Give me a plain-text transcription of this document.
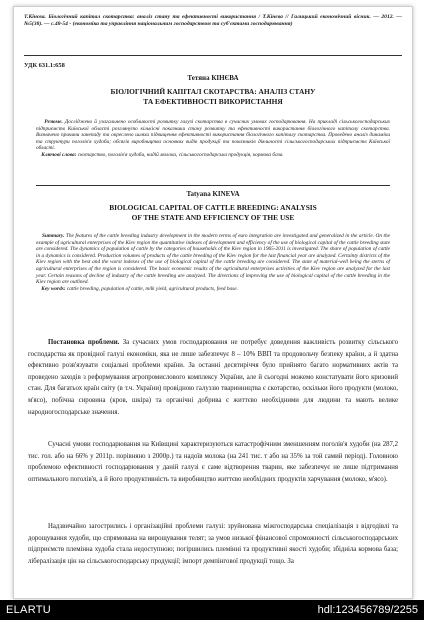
Т.Кінєва. Біологічний капітал скотарства: аналіз стану та ефективності використання / Т.Кінєва // Галицький економічний вісник. — 2012. — №5(38). — с.48-54 - (економіка та управління національним господарством та суб'єктами господарювання)
УДК 631.1:658
Тетяна КІНЄВА
БІОЛОГІЧНИЙ КАПІТАЛ СКОТАРСТВА: АНАЛІЗ СТАНУ
ТА ЕФЕКТИВНОСТІ ВИКОРИСТАННЯ
Резюме. Досліджено й узагальнено особливості розвитку галузі скотарства в сучасних умовах господарювання. На прикладі сільськогосподарських підприємств Київської області розглянуто кількісні показники стану розвитку та ефективності використання біологічного капіталу скотарства. Визначено причини занепаду та окреслено шляхи підвищення ефективності використання біологічного капіталу скотарства. Проведено аналіз динаміки та структури поголів'я худоби; обсягів виробництва основних видів продукції та показників діяльності сільськогосподарських підприємств Київської області.
Ключові слова: скотарство, поголів'я худоби, надій молока, сільськогосподарська продукція, кормова база.
Tatyana KINEVA
BIOLOGICAL CAPITAL OF CATTLE BREEDING: ANALYSIS
OF THE STATE AND EFFICIENCY OF THE USE
Summary. The features of the cattle breeding industry development in the modern terms of euro integration are investigated and generalized in the article. On the example of agricultural enterprises of the Kiev region the quantitative indexes of development and efficiency of the use of biological capital of the cattle breeding state are considered. The dynamics of population of cattle by the categories of households of the Kiev region in 1965-2011 is investigated. The share of population of cattle in a dynamics is considered. Production volumes of products of the cattle breeding of the Kiev region for the last financial year are analyzed. Certainty districts of the Kiev region with the best and the worst indexes of the use of biological capital of the cattle breeding are considered. The state of material-well being the sterns of agricultural enterprises of the region is considered. The basic economic results of the agricultural enterprises activities of the Kiev region are analyzed for the last year. Certain reasons of decline of industry of the cattle breeding are analyzed. The directions of improving the use of biological capital of the cattle breeding in the Kiev region are outlined.
Key words: cattle breeding, population of cattle, milk yield, agricultural products, feed base.

Постановка проблеми. За сучасних умов господарювання не потребує доведення важливість розвитку сільського господарства як провідної галузі економіки, яка не лише забезпечує 8 – 10% ВВП та продовольчу безпеку країни, а й здатна ефективно розв'язувати соціальні проблеми країни. За останні десятиріччя було прийнято багато нормативних актів та проведено заходів з реформування агропромислового комплексу України, але й сьогодні можемо констатувати його кризовий стан. Для багатьох країн світу (в т.ч. України) провідною галуззю тваринництва є скотарство, оскільки його продукти (молоко, м'ясо), побічна сировина (кров, шкіра) та органічні добрива є життєво необхідними для людини та мають велике народногосподарське значення.

Сучасні умови господарювання на Київщині характеризуються катастрофічним зменшенням поголів'я худоби (на 287,2 тис. гол. або на 66% у 2011р. порівняно з 2000р.) та надоїв молока (на 241 тис. т або на 35% за той самий період). Головною проблемою ефективності господарювання у даній галузі є саме відтворення тварин, яке забезпечує не лише підтримання оптимального поголів'я, а й його продуктивність та виробництво життєво необхідних продуктів харчування (молоко, м'ясо).

Надзвичайно загострились і організаційні проблеми галузі: зруйнована міжгосподарська спеціалізація з відгодівлі та дорощування худоби, що спрямована на вирощування телят; за умов низької фінансової спроможності сільськогосподарських підприємств племінна худоба стала недоступною; погіршились племінні та продуктивні якості худоби; збідніла кормова база; лібералізація цін на сільськогосподарську продукції; імпорт демпінгової продукції тощо. За

ELARTU	hdl:123456789/2255
